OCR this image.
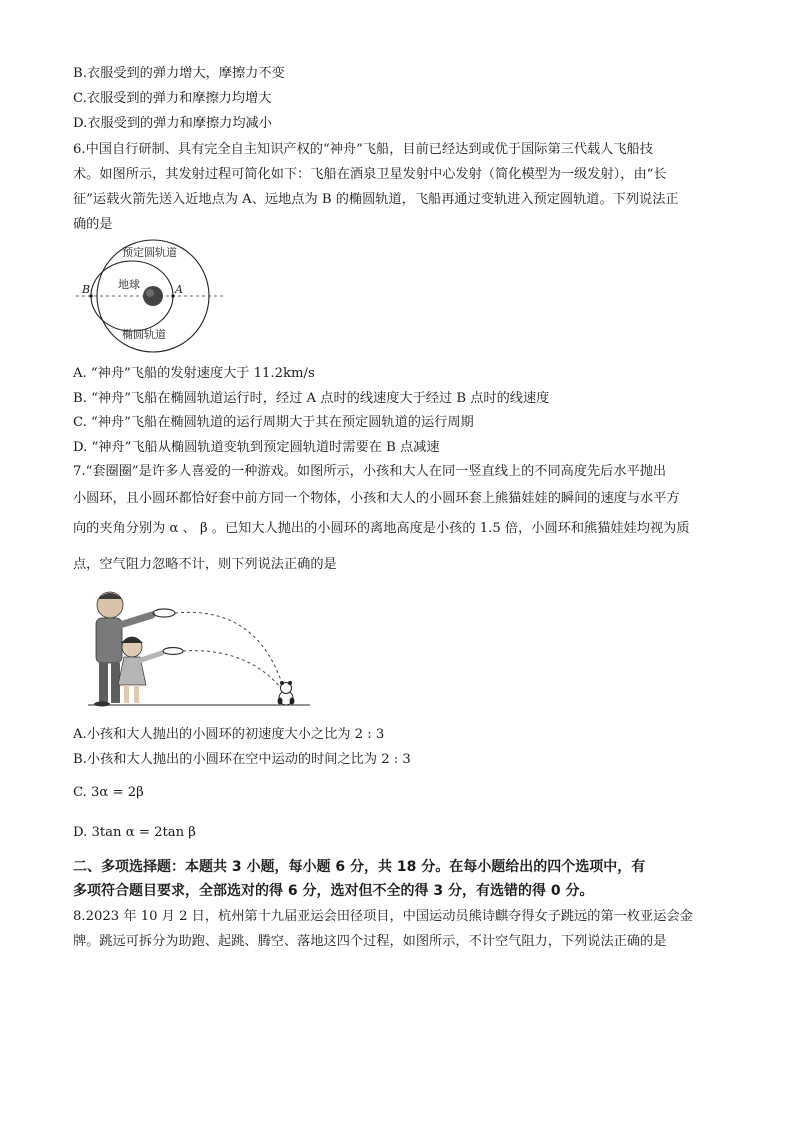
B.衣服受到的弹力增大，摩擦力不变
C.衣服受到的弹力和摩擦力均增大
D.衣服受到的弹力和摩擦力均减小
6.中国自行研制、具有完全自主知识产权的“神舟”飞船，目前已经达到或优于国际第三代载人飞船技
术。如图所示，其发射过程可简化如下：飞船在酒泉卫星发射中心发射（简化模型为一级发射），由“长
征”运载火箭先送入近地点为 A、远地点为 B 的椭圆轨道，飞船再通过变轨进入预定圆轨道。下列说法正
确的是
预定圆轨道
地球
椭圆轨道
A
B
A. “神舟”飞船的发射速度大于 11.2km/s
B. “神舟”飞船在椭圆轨道运行时，经过 A 点时的线速度大于经过 B 点时的线速度
C. “神舟”飞船在椭圆轨道的运行周期大于其在预定圆轨道的运行周期
D. “神舟”飞船从椭圆轨道变轨到预定圆轨道时需要在 B 点减速
7.“套圈圈”是许多人喜爱的一种游戏。如图所示，小孩和大人在同一竖直线上的不同高度先后水平抛出
小圆环，且小圆环都恰好套中前方同一个物体，小孩和大人的小圆环套上熊猫娃娃的瞬间的速度与水平方
向的夹角分别为 α 、 β 。已知大人抛出的小圆环的离地高度是小孩的 1.5 倍，小圆环和熊猫娃娃均视为质
点，空气阻力忽略不计，则下列说法正确的是
A.小孩和大人抛出的小圆环的初速度大小之比为 2 : 3
B.小孩和大人抛出的小圆环在空中运动的时间之比为 2 : 3
C. 3α = 2β
D. 3tan α = 2tan β
二、多项选择题：本题共 3 小题，每小题 6 分，共 18 分。在每小题给出的四个选项中，有
多项符合题目要求，全部选对的得 6 分，选对但不全的得 3 分，有选错的得 0 分。
8.2023 年 10 月 2 日，杭州第十九届亚运会田径项目，中国运动员熊诗麒夺得女子跳远的第一枚亚运会金
牌。跳远可拆分为助跑、起跳、腾空、落地这四个过程，如图所示，不计空气阻力，下列说法正确的是
